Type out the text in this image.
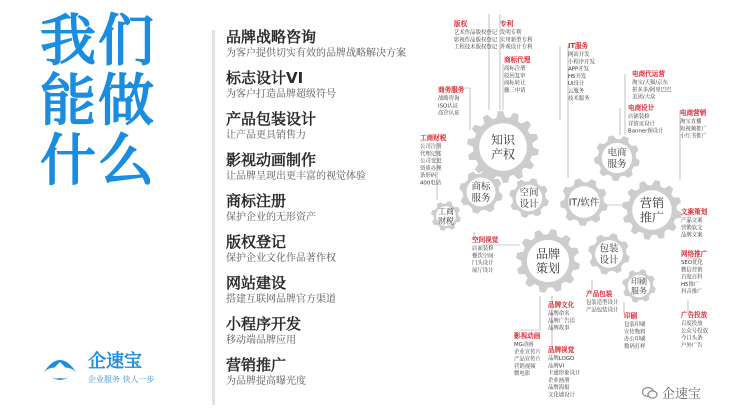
我们
能做
什么
企速宝
企业服务 快人一步
品牌战略咨询
为客户提供切实有效的品牌战略解决方案
标志设计VI
为客户打造品牌超级符号
产品包装设计
让产品更具销售力
影视动画制作
让品牌呈现出更丰富的视觉体验
商标注册
保护企业的无形资产
版权登记
保护企业文化作品著作权
网站建设
搭建互联网品牌官方渠道
小程序开发
移动端品牌应用
营销推广
为品牌提高曝光度
知识
产权
商标
服务	空间
设计
工商
财税
IT/软件
电商
服务
营销
推广
品牌
策划
包装
设计
印刷
服务
版权
艺术作品版权登记
影视作品版权登记
工程技术版权登记
专利
发明专利
实用新型专利
外观设计专利
商标代理
商标注册
驳回复审
商标转让
撤三申请
商务服务
战略咨询
ISO认证
高企认证
IT服务
网站开发
小程序开发
APP开发
H5开发
UI设计
云服务
技术服务
工商财税
公司注册
代理记账
公司变更
资质办理
条形码
400电话
电商代运营
淘宝/天猫/京东
拼多多/阿里巴巴
美团/大众
电商设计
店铺装修
详情页设计
Banner图设计
电商营销
淘宝直播
短视频推广
小红书推广
空间视觉
店面装修
餐饮空间
门头设计
展厅设计
文案策划
产品文案
营销软文
品牌文案
网络推广
SEO优化
微信营销
百度百科
H5推广
抖音推广
产品包装
包装造型设计
产品包装设计
品牌文化
品牌命名
品牌广告语
品牌故事
广告投放
百度投放
公众号投放
今日头条
户外广告
印刷
包装印刷
宣传物料
办公印刷
数码打样
影视动画
MG动画
企业宣传片
产品宣传片
营销视频
微电影
品牌视觉
品牌LOGO
品牌VI
卡通形象设计
企业画册
品牌海报
文化墙设计	企速宝
